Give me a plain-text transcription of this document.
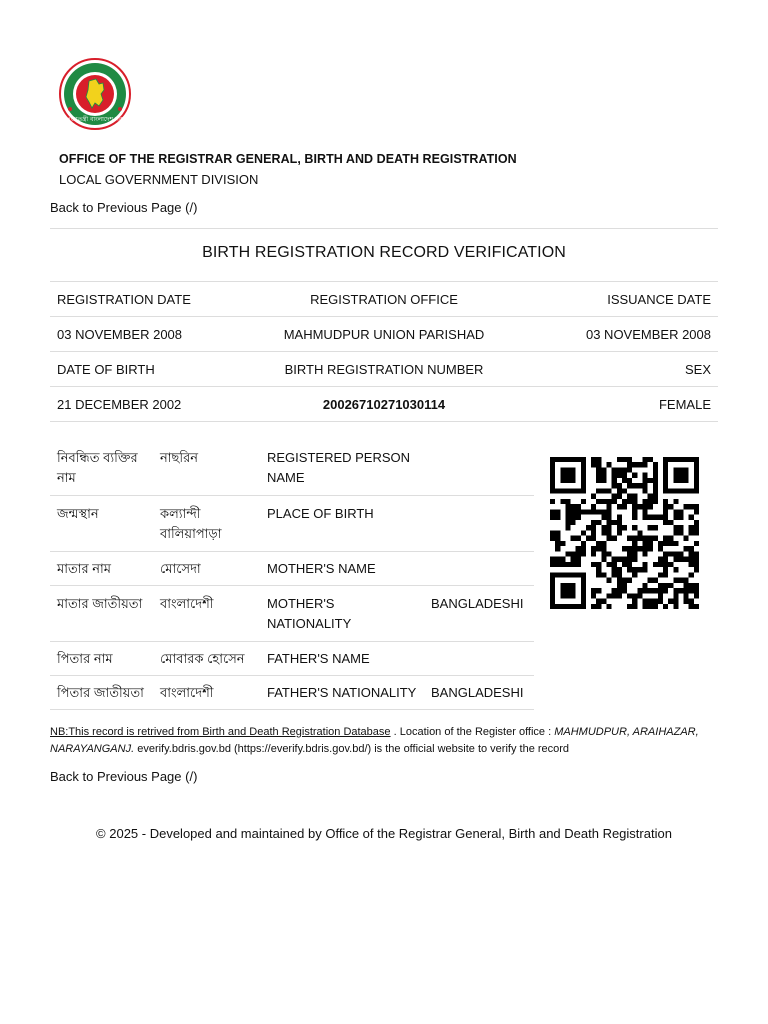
গণপ্রজাতন্ত্রী বাংলাদেশ সরকার
OFFICE OF THE REGISTRAR GENERAL, BIRTH AND DEATH REGISTRATION
LOCAL GOVERNMENT DIVISION
Back to Previous Page (/)
BIRTH REGISTRATION RECORD VERIFICATION
REGISTRATION DATE	REGISTRATION OFFICE	ISSUANCE DATE
03 NOVEMBER 2008	MAHMUDPUR UNION PARISHAD	03 NOVEMBER 2008
DATE OF BIRTH	BIRTH REGISTRATION NUMBER	SEX
21 DECEMBER 2002	20026710271030114	FEMALE
নিবন্ধিত ব্যক্তির নাম	নাছরিন	REGISTERED PERSON NAME	
জন্মস্থান	কল্যান্দী বালিয়াপাড়া	PLACE OF BIRTH	
মাতার নাম	মোসেদা	MOTHER'S NAME	
মাতার জাতীয়তা	বাংলাদেশী	MOTHER'S NATIONALITY	BANGLADESHI
পিতার নাম	মোবারক হোসেন	FATHER'S NAME	
পিতার জাতীয়তা	বাংলাদেশী	FATHER'S NATIONALITY	BANGLADESHI
NB:This record is retrived from Birth and Death Registration Database . Location of the Register office : MAHMUDPUR, ARAIHAZAR, NARAYANGANJ. everify.bdris.gov.bd (https://everify.bdris.gov.bd/) is the official website to verify the record
Back to Previous Page (/)
© 2025 - Developed and maintained by Office of the Registrar General, Birth and Death Registration
